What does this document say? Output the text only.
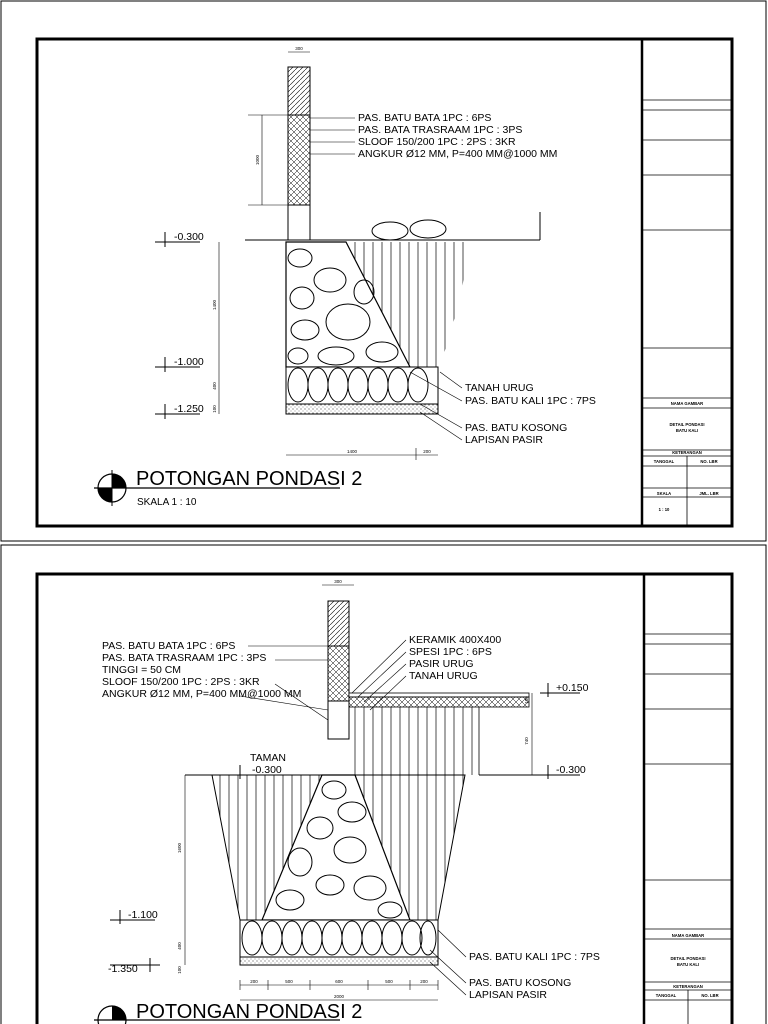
NAMA GAMBAR
DETAIL PONDASI
BATU KALI
KETERANGAN
TANGGAL	NO. LBR
SKALA	JML. LBR
1 : 10
300
1000
1400
400
100
-0.300
-1.000
-1.250
1400	200
PAS. BATU BATA 1PC : 6PS
PAS. BATA TRASRAAM 1PC : 3PS
SLOOF 150/200 1PC : 2PS : 3KR
ANGKUR Ø12 MM, P=400 MM@1000 MM
TANAH URUG
PAS. BATU KALI 1PC : 7PS
PAS. BATU KOSONG
LAPISAN PASIR
POTONGAN PONDASI 2
SKALA 1 : 10
NAMA GAMBAR
DETAIL PONDASI
BATU KALI
KETERANGAN
TANGGAL	NO. LBR
300
740
100
1600
400
100
+0.150
-0.300
TAMAN
-0.300
-1.100
-1.350
200	500	600	500	200
2000
PAS. BATU BATA 1PC : 6PS
PAS. BATA TRASRAAM 1PC : 3PS
TINGGI = 50 CM
SLOOF 150/200 1PC : 2PS : 3KR
ANGKUR Ø12 MM, P=400 MM@1000 MM
KERAMIK 400X400
SPESI 1PC : 6PS
PASIR URUG
TANAH URUG
PAS. BATU KALI 1PC : 7PS
PAS. BATU KOSONG
LAPISAN PASIR
POTONGAN PONDASI 2
